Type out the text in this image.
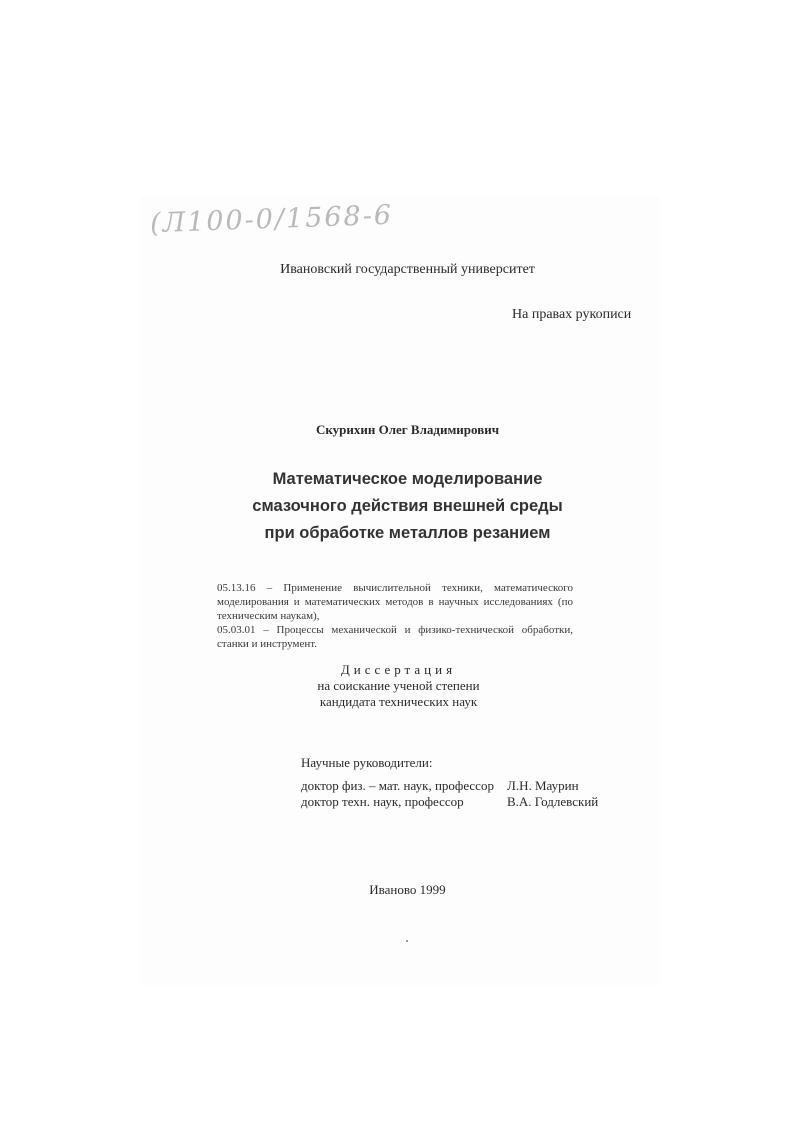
(Л100-0/1568-6
Ивановский государственный университет
На правах рукописи
Скурихин Олег Владимирович
Математическое моделирование
смазочного действия внешней среды
при обработке металлов резанием

05.13.16 – Применение вычислительной техники, математического моделирования и математических методов в научных исследованиях (по техническим наукам),

05.03.01 – Процессы механической и физико-технической обработки, станки и инструмент.

Диссертация
на соискание ученой степени
кандидата технических наук
Научные руководители:
доктор физ. – мат. наук, профессор Л.Н. Маурин
доктор техн. наук, профессор	В.А. Годлевский
Иваново 1999
